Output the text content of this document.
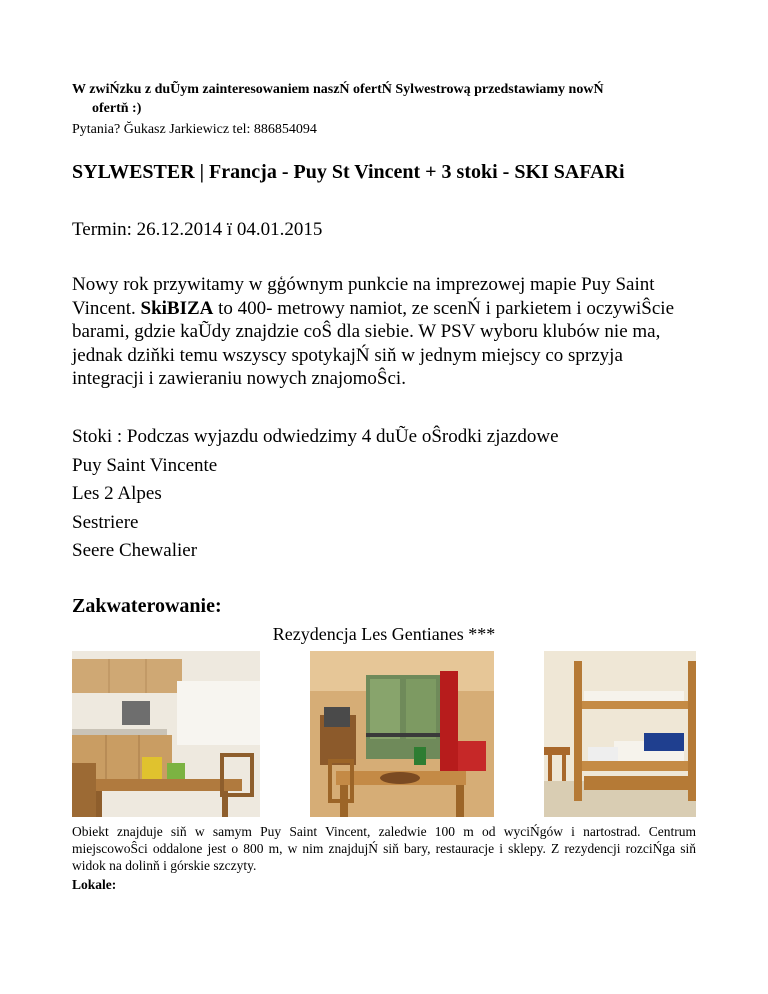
W zwiŃzku z duŨym zainteresowaniem naszŃ ofertŃ Sylwestrową przedstawiamy nowŃ
ofertň :)
Pytania? Ğukasz Jarkiewicz tel: 886854094
SYLWESTER | Francja - Puy St Vincent + 3 stoki - SKI SAFARi
Termin: 26.12.2014 ï 04.01.2015
Nowy rok przywitamy w gģównym punkcie na imprezowej mapie Puy Saint Vincent. SkiBIZA to 400- metrowy namiot, ze scenŃ i parkietem i oczywiŜcie barami, gdzie kaŨdy znajdzie coŜ dla siebie. W PSV wyboru klubów nie ma, jednak dziňki temu wszyscy spotykajŃ siň w jednym miejscy co sprzyja integracji i zawieraniu nowych znajomoŜci.
Stoki : Podczas wyjazdu odwiedzimy 4 duŨe oŜrodki zjazdowe
Puy Saint Vincente
Les 2 Alpes
Sestriere
Seere Chewalier
Zakwaterowanie:
Rezydencja Les Gentianes ***
Obiekt znajduje siň w samym Puy Saint Vincent, zaledwie 100 m od wyciŃgów i nartostrad. Centrum miejscowoŜci oddalone jest o 800 m, w nim znajdujŃ siň bary, restauracje i sklepy. Z rezydencji rozciŃga siň widok na dolinň i górskie szczyty.
Lokale:
